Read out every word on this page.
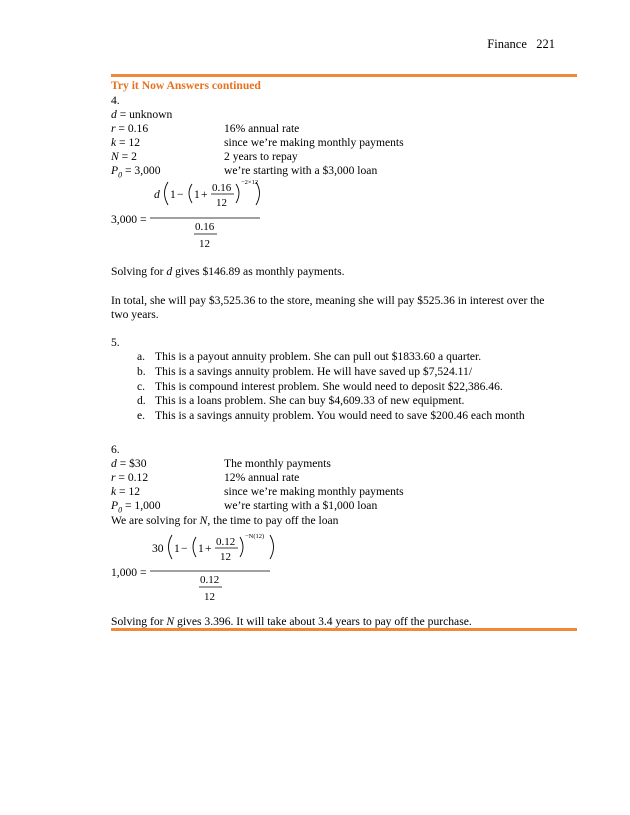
Finance 221
Try it Now Answers continued
4.
d = unknown
r = 0.16	16% annual rate
k = 12	since we’re making monthly payments
N = 2	2 years to repay
$P_0 = 3,000$	we’re starting with a $3,000 loan
3,000 =
d 1 − 1 + 0.16
12
−2×12
0.16
12
Solving for d gives $146.89 as monthly payments.
In total, she will pay $3,525.36 to the store, meaning she will pay $525.36 in interest over the
two years.
5.
a. This is a payout annuity problem. She can pull out $1833.60 a quarter.
b. This is a savings annuity problem. He will have saved up $7,524.11/
c. This is compound interest problem. She would need to deposit $22,386.46.
d. This is a loans problem. She can buy $4,609.33 of new equipment.
e. This is a savings annuity problem. You would need to save $200.46 each month
6.
d = $30	The monthly payments
r = 0.12	12% annual rate
k = 12	since we’re making monthly payments
$P_0 = 1,000$	we’re starting with a $1,000 loan
We are solving for N, the time to pay off the loan
1,000 =
30 1 − 1 + 0.12
12
−N(12)
0.12
12
Solving for N gives 3.396. It will take about 3.4 years to pay off the purchase.
